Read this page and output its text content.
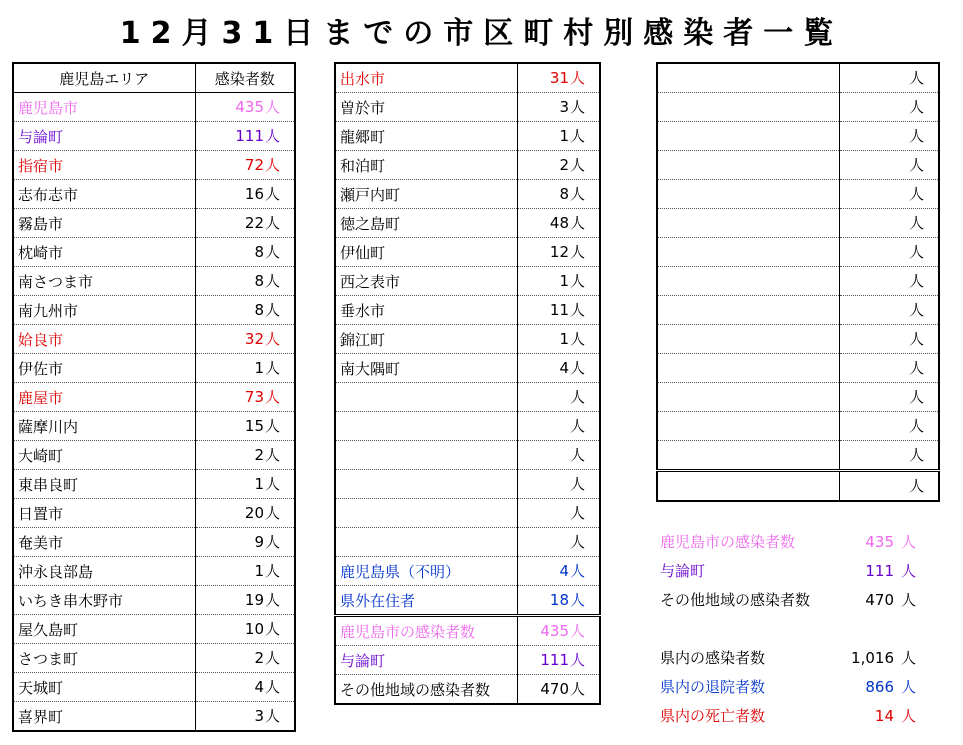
12月31日までの市区町村別感染者一覧
鹿児島エリア	感染者数
鹿児島市	435 人

与論町	111 人

指宿市	72 人

志布志市	16 人

霧島市	22 人

枕崎市	8 人

南さつま市	8 人

南九州市	8 人

姶良市	32 人

伊佐市	1 人

鹿屋市	73 人

薩摩川内	15 人

大崎町	2 人

東串良町	1 人

日置市	20 人

奄美市	9 人

沖永良部島	1 人

いちき串木野市	19 人

屋久島町	10 人

さつま町	2 人

天城町	4 人

喜界町	3 人
出水市	31 人

曽於市	3 人

龍郷町	1 人

和泊町	2 人

瀬戸内町	8 人

徳之島町	48 人

伊仙町	12 人

西之表市	1 人

垂水市	11 人

錦江町	1 人

南大隅町	4 人

	人

	人

	人

	人

	人

	人

鹿児島県（不明）	4 人

県外在住者	18 人

鹿児島市の感染者数	435 人

与論町	111 人

その他地域の感染者数	470 人

	人

	人

	人

	人

	人

	人

	人

	人

	人

	人

	人

	人

	人

	人

	人
鹿児島市の感染者数	435 人
与論町	111 人
その他地域の感染者数	470 人
県内の感染者数	1,016 人
県内の退院者数	866 人
県内の死亡者数	14 人
